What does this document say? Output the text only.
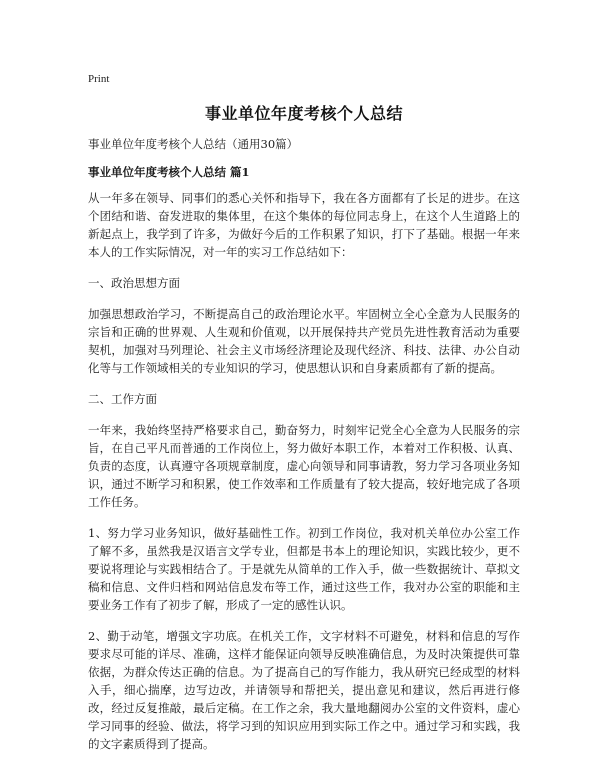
Print
事业单位年度考核个人总结
事业单位年度考核个人总结（通用30篇）
事业单位年度考核个人总结 篇1
从一年多在领导、同事们的悉心关怀和指导下，我在各方面都有了长足的进步。在这个团结和谐、奋发进取的集体里，在这个集体的每位同志身上，在这个人生道路上的新起点上，我学到了许多，为做好今后的工作积累了知识，打下了基础。根据一年来本人的工作实际情况，对一年的实习工作总结如下：
一、政治思想方面
加强思想政治学习，不断提高自己的政治理论水平。牢固树立全心全意为人民服务的宗旨和正确的世界观、人生观和价值观，以开展保持共产党员先进性教育活动为重要契机，加强对马列理论、社会主义市场经济理论及现代经济、科技、法律、办公自动化等与工作领域相关的专业知识的学习，使思想认识和自身素质都有了新的提高。
二、工作方面
一年来，我始终坚持严格要求自己，勤奋努力，时刻牢记党全心全意为人民服务的宗旨，在自己平凡而普通的工作岗位上，努力做好本职工作，本着对工作积极、认真、负责的态度，认真遵守各项规章制度，虚心向领导和同事请教，努力学习各项业务知识，通过不断学习和积累，使工作效率和工作质量有了较大提高，较好地完成了各项工作任务。
1、努力学习业务知识，做好基础性工作。初到工作岗位，我对机关单位办公室工作了解不多，虽然我是汉语言文学专业，但都是书本上的理论知识，实践比较少，更不要说将理论与实践相结合了。于是就先从简单的工作入手，做一些数据统计、草拟文稿和信息、文件归档和网站信息发布等工作，通过这些工作，我对办公室的职能和主要业务工作有了初步了解，形成了一定的感性认识。
2、勤于动笔，增强文字功底。在机关工作，文字材料不可避免，材料和信息的写作要求尽可能的详尽、准确，这样才能保证向领导反映准确信息，为及时决策提供可靠依据，为群众传达正确的信息。为了提高自己的写作能力，我从研究已经成型的材料入手，细心揣摩，边写边改，并请领导和帮把关，提出意见和建议，然后再进行修改，经过反复推敲，最后定稿。在工作之余，我大量地翻阅办公室的文件资料，虚心学习同事的经验、做法，将学习到的知识应用到实际工作之中。通过学习和实践，我的文字素质得到了提高。
